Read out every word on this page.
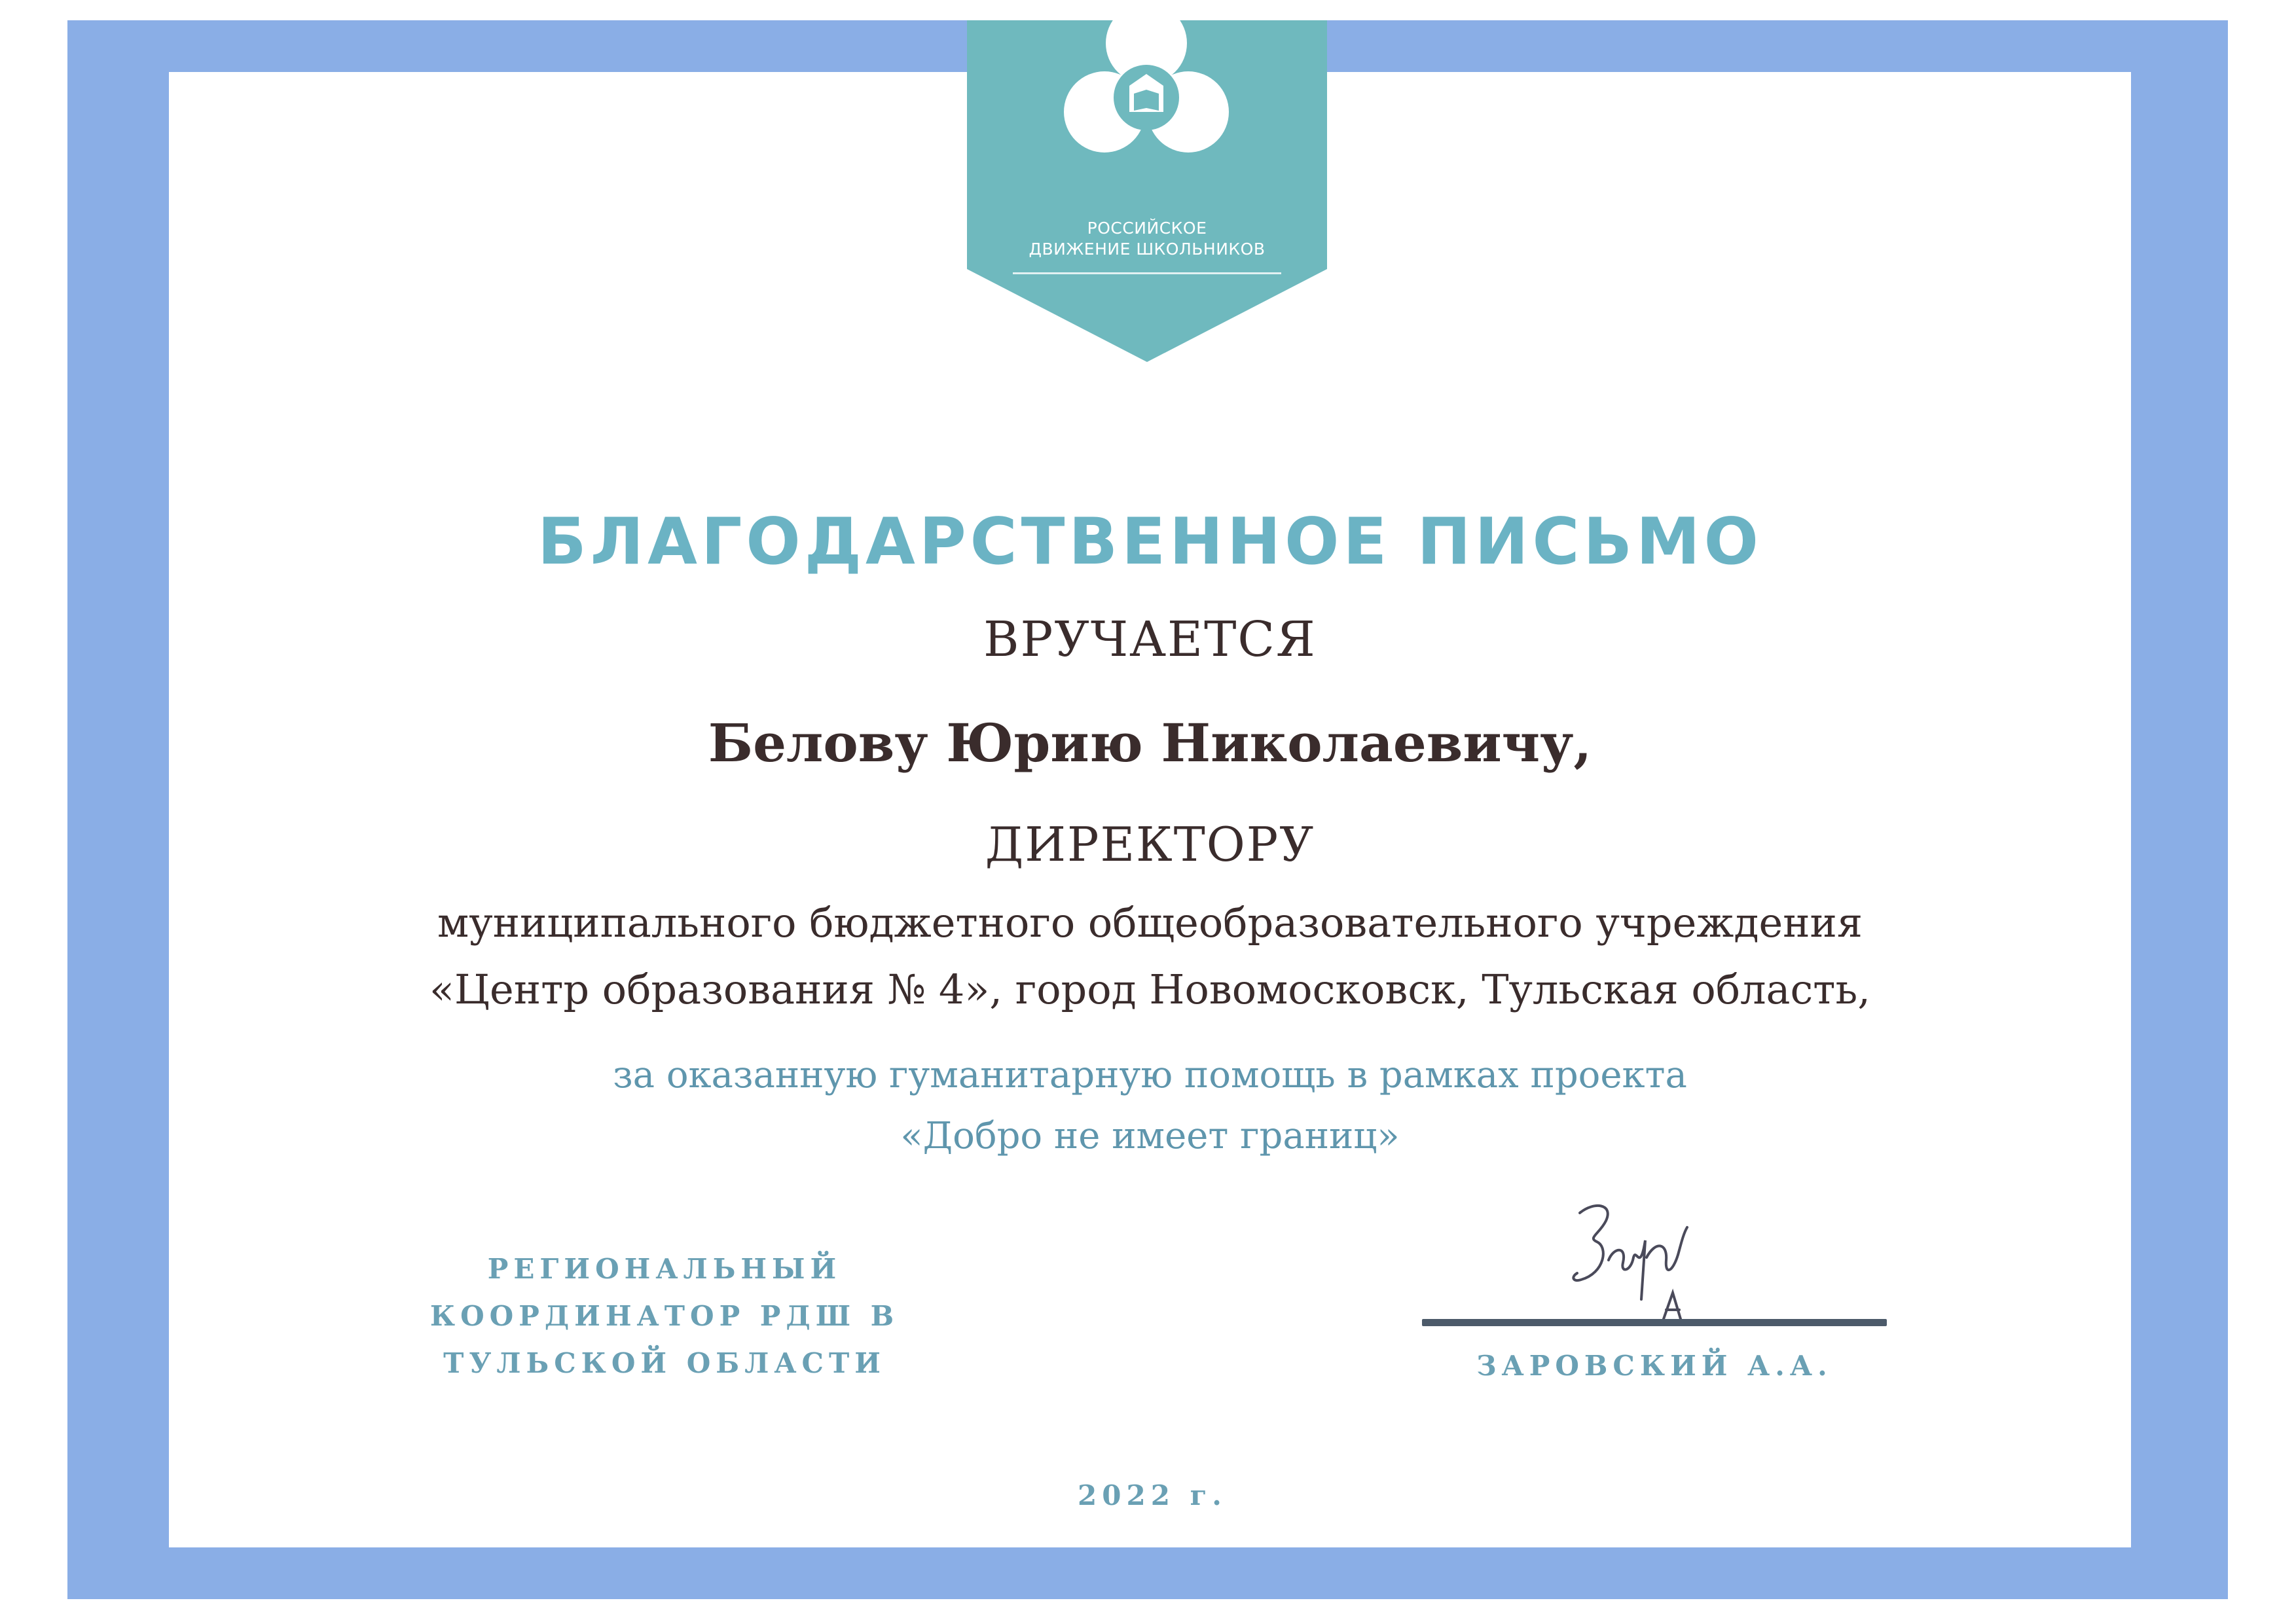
РОССИЙСКОЕ
ДВИЖЕНИЕ ШКОЛЬНИКОВ
БЛАГОДАРСТВЕННОЕ ПИСЬМО
ВРУЧАЕТСЯ
Белову Юрию Николаевичу,
ДИРЕКТОРУ
муниципального бюджетного общеобразовательного учреждения
«Центр образования № 4», город Новомосковск, Тульская область,
за оказанную гуманитарную помощь в рамках проекта
«Добро не имеет границ»
РЕГИОНАЛЬНЫЙ
КООРДИНАТОР РДШ В
ТУЛЬСКОЙ ОБЛАСТИ	ЗАРОВСКИЙ А.А.
2022 г.
